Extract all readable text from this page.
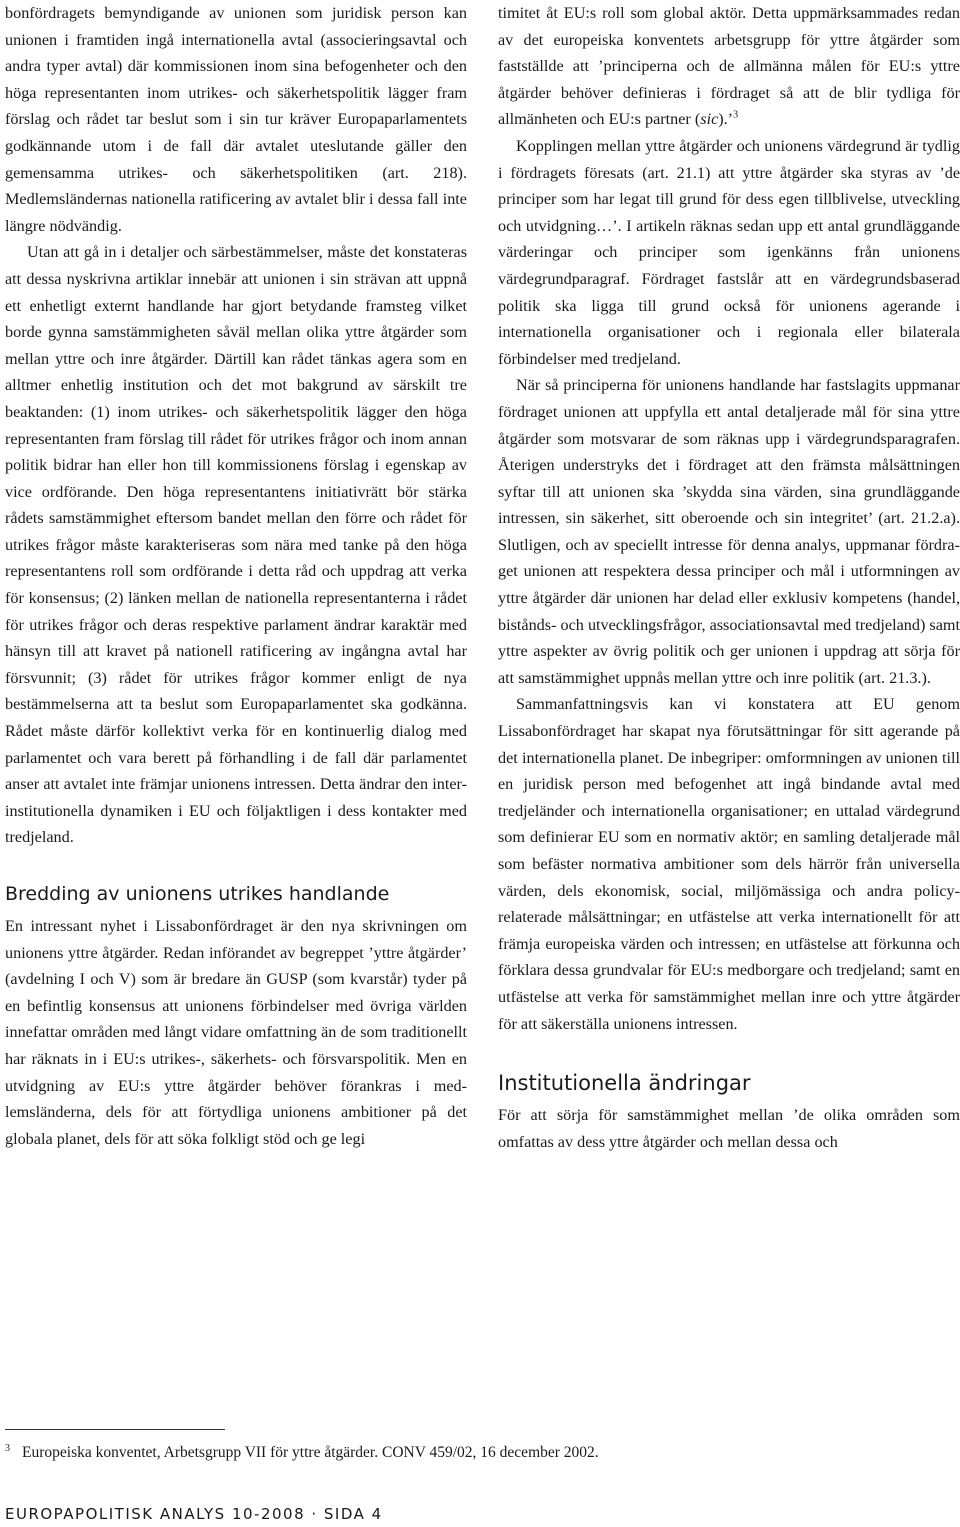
bonfördragets bemyndigande av unionen som juridisk person kan unionen i framtiden ingå internationella avtal (associeringsavtal och andra typer avtal) där kommissionen inom sina befogenheter och den höga representanten inom utrikes- och säkerhetspolitik lägger fram förslag och rådet tar beslut som i sin tur kräver Europaparlamentets godkännande utom i de fall där avtalet uteslutande gäller den gemensamma utrikes- och säkerhetspolitiken (art. 218). Medlemsländernas nationella ratificering av avtalet blir i dessa fall inte längre nödvändig.

Utan att gå in i detaljer och särbestämmelser, måste det konstateras att dessa nyskrivna artiklar innebär att unionen i sin strävan att uppnå ett enhetligt externt handlande har gjort betydande framsteg vilket borde gynna samstämmigheten såväl mellan olika yttre åtgärder som mellan yttre och inre åtgärder. Därtill kan rådet tänkas agera som en alltmer enhetlig institution och det mot bakgrund av särskilt tre beaktanden: (1) inom utrikes- och säkerhetspolitik lägger den höga representanten fram förslag till rådet för utrikes frågor och inom annan politik bidrar han eller hon till kommissionens förslag i egenskap av vice ordförande. Den höga representantens initiativrätt bör stärka rådets samstämmighet eftersom bandet mellan den förre och rådet för utrikes frågor måste karakteriseras som nära med tanke på den höga representantens roll som ordförande i detta råd och uppdrag att verka för konsensus; (2) länken mellan de nationella representanterna i rådet för utrikes frågor och deras respektive parlament ändrar karaktär med hänsyn till att kravet på nationell ratificering av ingångna avtal har försvunnit; (3) rådet för utrikes frågor kommer enligt de nya bestämmelserna att ta beslut som Europaparlamentet ska godkänna. Rådet måste därför kollektivt verka för en kontinuerlig dialog med parlamentet och vara berett på förhandling i de fall där parlamentet anser att avtalet inte främjar unionens intressen. Detta ändrar den inter-institutionella dynamiken i EU och följaktligen i dess kontakter med tredjeland.

Bredding av unionens utrikes handlande

En intressant nyhet i Lissabonfördraget är den nya skrivningen om unionens yttre åtgärder. Redan införandet av begreppet ’yttre åtgärder’ (avdelning I och V) som är bredare än GUSP (som kvarstår) tyder på en befintlig konsensus att unionens förbindelser med övriga världen innefattar områden med långt vidare omfattning än de som traditionellt har räknats in i EU:s utrikes-, säkerhets- och försvarspolitik. Men en utvidgning av EU:s yttre åtgärder behöver förankras i medlemsländerna, dels för att förtydliga unionens ambitioner på det globala planet, dels för att söka folkligt stöd och ge legi

timitet åt EU:s roll som global aktör. Detta uppmärksammades redan av det europeiska konventets arbetsgrupp för yttre åtgärder som fastställde att ’principerna och de allmänna målen för EU:s yttre åtgärder behöver definieras i fördraget så att de blir tydliga för allmänheten och EU:s partner (sic).’$^3$

Kopplingen mellan yttre åtgärder och unionens värdegrund är tydlig i fördragets föresats (art. 21.1) att yttre åtgärder ska styras av ’de principer som har legat till grund för dess egen tillblivelse, utveckling och utvidgning…’. I artikeln räknas sedan upp ett antal grundläggande värderingar och principer som igenkänns från unionens värdegrundparagraf. Fördraget fastslår att en värdegrundsbaserad politik ska ligga till grund också för unionens agerande i internationella organisationer och i regionala eller bilaterala förbindelser med tredjeland.

När så principerna för unionens handlande har fastslagits uppmanar fördraget unionen att uppfylla ett antal detaljerade mål för sina yttre åtgärder som motsvarar de som räknas upp i värdegrundsparagrafen. Återigen understryks det i fördraget att den främsta målsättningen syftar till att unionen ska ’skydda sina värden, sina grundläggande intressen, sin säkerhet, sitt oberoende och sin integritet’ (art. 21.2.a). Slutligen, och av speciellt intresse för denna analys, uppmanar fördraget unionen att respektera dessa principer och mål i utformningen av yttre åtgärder där unionen har delad eller exklusiv kompetens (handel, bistånds- och utvecklingsfrågor, associationsavtal med tredjeland) samt yttre aspekter av övrig politik och ger unionen i uppdrag att sörja för att samstämmighet uppnås mellan yttre och inre politik (art. 21.3.).

Sammanfattningsvis kan vi konstatera att EU genom Lissabonfördraget har skapat nya förutsättningar för sitt agerande på det internationella planet. De inbegriper: omformningen av unionen till en juridisk person med befogenhet att ingå bindande avtal med tredjeländer och internationella organisationer; en uttalad värdegrund som definierar EU som en normativ aktör; en samling detaljerade mål som befäster normativa ambitioner som dels härrör från universella värden, dels ekonomisk, social, miljömässiga och andra policyrelaterade målsättningar; en utfästelse att verka internationellt för att främja europeiska värden och intressen; en utfästelse att förkunna och förklara dessa grundvalar för EU:s medborgare och tredjeland; samt en utfästelse att verka för samstämmighet mellan inre och yttre åtgärder för att säkerställa unionens intressen.

Institutionella ändringar

För att sörja för samstämmighet mellan ’de olika områden som omfattas av dess yttre åtgärder och mellan dessa och

$^3$ Europeiska konventet, Arbetsgrupp VII för yttre åtgärder. CONV 459/02, 16 december 2002.
EUROPAPOLITISK ANALYS 10-2008 · SIDA 4
